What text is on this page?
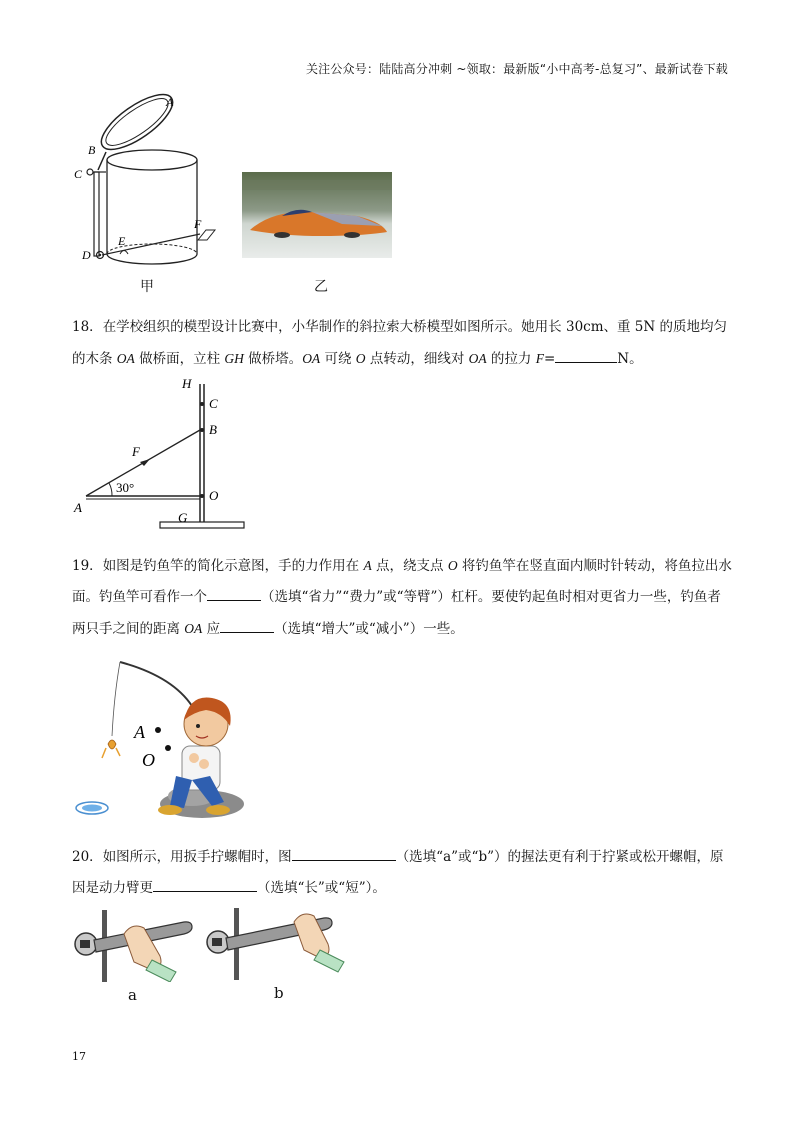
关注公众号：陆陆高分冲刺 ~领取：最新版“小中高考-总复习”、最新试卷下载
A
B
C
D
E
F
甲	乙
18．在学校组织的模型设计比赛中，小华制作的斜拉索大桥模型如图所示。她用长 30cm、重 5N 的质地均匀的木条 OA 做桥面，立柱 GH 做桥塔。OA 可绕 O 点转动，细线对 OA 的拉力 F=	N。
H
C
B
F
30°
A
O
G
19．如图是钓鱼竿的简化示意图，手的力作用在 A 点，绕支点 O 将钓鱼竿在竖直面内顺时针转动，将鱼拉出水面。钓鱼竿可看作一个	（选填“省力”“费力”或“等臂”）杠杆。要使钓起鱼时相对更省力一些，钓鱼者两只手之间的距离 OA 应	（选填“增大”或“减小”）一些。
A
O
20．如图所示，用扳手拧螺帽时，图	（选填“a”或“b”）的握法更有利于拧紧或松开螺帽，原因是动力臂更	（选填“长”或“短”）。
a	b
17
